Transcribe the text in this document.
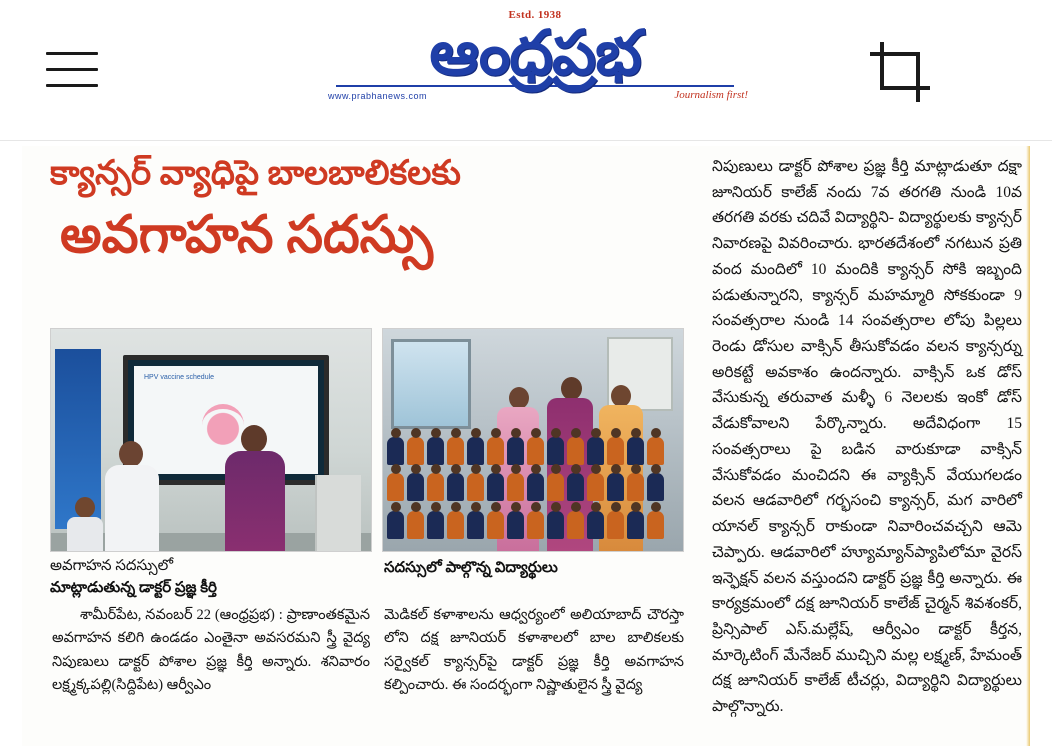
Estd. 1938
ఆంధ్రప్రభ
www.prabhanews.com	Journalism first!
క్యాన్సర్ వ్యాధిపై బాలబాలికలకు
అవగాహన సదస్సు
HPV vaccine schedule
అవగాహన సదస్సులో
మాట్లాడుతున్న డాక్టర్ ప్రజ్ఞ కీర్తి
సదస్సులో పాల్గొన్న విద్యార్థులు

శామీర్‌పేట, నవంబర్ 22 (ఆంధ్రప్రభ) : ప్రాణాంతకమైన అవగాహన కలిగి ఉండడం ఎంతైనా అవసరమని స్త్రీ వైద్య నిపుణులు డాక్టర్ పోశాల ప్రజ్ఞ కీర్తి అన్నారు. శనివారం లక్ష్మక్కపల్లి(సిద్దిపేట) ఆర్వీఎం

మెడికల్ కళాశాలను ఆధ్వర్యంలో అలియాబాద్ చౌరస్తా లోని దక్ష జూనియర్ కళాశాలలో బాల బాలికలకు సర్వైకల్ క్యాన్సర్‌పై డాక్టర్ ప్రజ్ఞ కీర్తి అవగాహన కల్పించారు. ఈ సందర్భంగా నిష్ణాతులైన స్త్రీ వైద్య

నిపుణులు డాక్టర్ పోశాల ప్రజ్ఞ కీర్తి మాట్లాడుతూ దక్షా జూనియర్ కాలేజ్ నందు 7వ తరగతి నుండి 10వ తరగతి వరకు చదివే విద్యార్థిని- విద్యార్థులకు క్యాన్సర్ నివారణపై వివరించారు. భారతదేశంలో నగటున ప్రతి వంద మందిలో 10 మందికి క్యాన్సర్ సోకి ఇబ్బంది పడుతున్నారని, క్యాన్సర్ మహమ్మారి సోకకుండా 9 సంవత్సరాల నుండి 14 సంవత్సరాల లోపు పిల్లలు రెండు డోసుల వాక్సిన్ తీసుకోవడం వలన క్యాన్సర్ను అరికట్టే అవకాశం ఉందన్నారు. వాక్సిన్ ఒక డోస్ వేసుకున్న తరువాత మళ్ళీ 6 నెలలకు ఇంకో డోస్ వేడుకోవాలని పేర్కొన్నారు. అదేవిధంగా 15 సంవత్సరాలు పై బడిన వారుకూడా వాక్సిన్ వేసుకోవడం మంచిదని ఈ వ్యాక్సిన్ వేయుగలడం వలన ఆడవారిలో గర్భసంచి క్యాన్సర్, మగ వారిలో యానల్ క్యాన్సర్ రాకుండా నివారించవచ్చని ఆమె చెప్పారు. ఆడవారిలో హ్యూమ్యాన్‌ప్యాపిలోమా వైరస్ ఇన్ఫెక్షన్ వలన వస్తుందని డాక్టర్ ప్రజ్ఞ కీర్తి అన్నారు. ఈ కార్యక్రమంలో దక్ష జూనియర్ కాలేజ్ చైర్మన్ శివశంకర్, ప్రిన్సిపాల్ ఎస్.మల్లేష్, ఆర్వీఎం డాక్టర్ కీర్తన, మార్కెటింగ్ మేనేజర్ ముచ్చిని మల్ల లక్ష్మణ్, హేమంత్ దక్ష జూనియర్ కాలేజ్ టీచర్లు, విద్యార్థిని విద్యార్థులు పాల్గొన్నారు.
